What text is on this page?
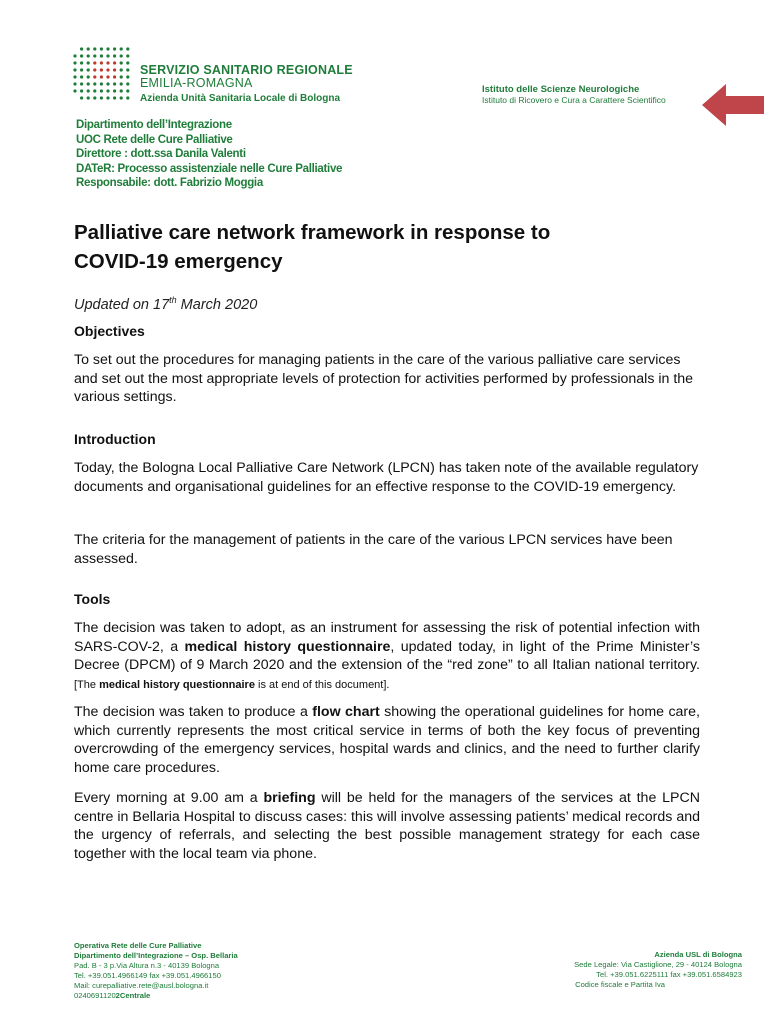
SERVIZIO SANITARIO REGIONALE
EMILIA-ROMAGNA
Azienda Unità Sanitaria Locale di Bologna
Istituto delle Scienze Neurologiche
Istituto di Ricovero e Cura a Carattere Scientifico
Dipartimento dell’Integrazione
UOC Rete delle Cure Palliative
Direttore : dott.ssa Danila Valenti
DATeR: Processo assistenziale nelle Cure Palliative
Responsabile: dott. Fabrizio Moggia
Palliative care network framework in response to
COVID-19 emergency
Updated on 17th March 2020
Objectives
To set out the procedures for managing patients in the care of the various palliative care services and set out the most appropriate levels of protection for activities performed by professionals in the various settings.
Introduction
Today, the Bologna Local Palliative Care Network (LPCN) has taken note of the available regulatory documents and organisational guidelines for an effective response to the COVID-19 emergency.
The criteria for the management of patients in the care of the various LPCN services have been assessed.
Tools
The decision was taken to adopt, as an instrument for assessing the risk of potential infection with SARS-COV-2, a medical history questionnaire, updated today, in light of the Prime Minister’s Decree (DPCM) of 9 March 2020 and the extension of the “red zone” to all Italian national territory. [The medical history questionnaire is at end of this document].
The decision was taken to produce a flow chart showing the operational guidelines for home care, which currently represents the most critical service in terms of both the key focus of preventing overcrowding of the emergency services, hospital wards and clinics, and the need to further clarify home care procedures.
Every morning at 9.00 am a briefing will be held for the managers of the services at the LPCN centre in Bellaria Hospital to discuss cases: this will involve assessing patients’ medical records and the urgency of referrals, and selecting the best possible management strategy for each case together with the local team via phone.
Operativa Rete delle Cure Palliative
Dipartimento dell’Integrazione – Osp. Bellaria
Pad. B - 3 p.Via Altura n.3 - 40139 Bologna
Tel. +39.051.4966149 fax +39.051.4966150
Mail: curepalliative.rete@ausl.bologna.it
02406911202Centrale
Azienda USL di Bologna
Sede Legale: Via Castiglione, 29 - 40124 Bologna
Tel. +39.051.6225111 fax +39.051.6584923
Codice fiscale e Partita Iva
